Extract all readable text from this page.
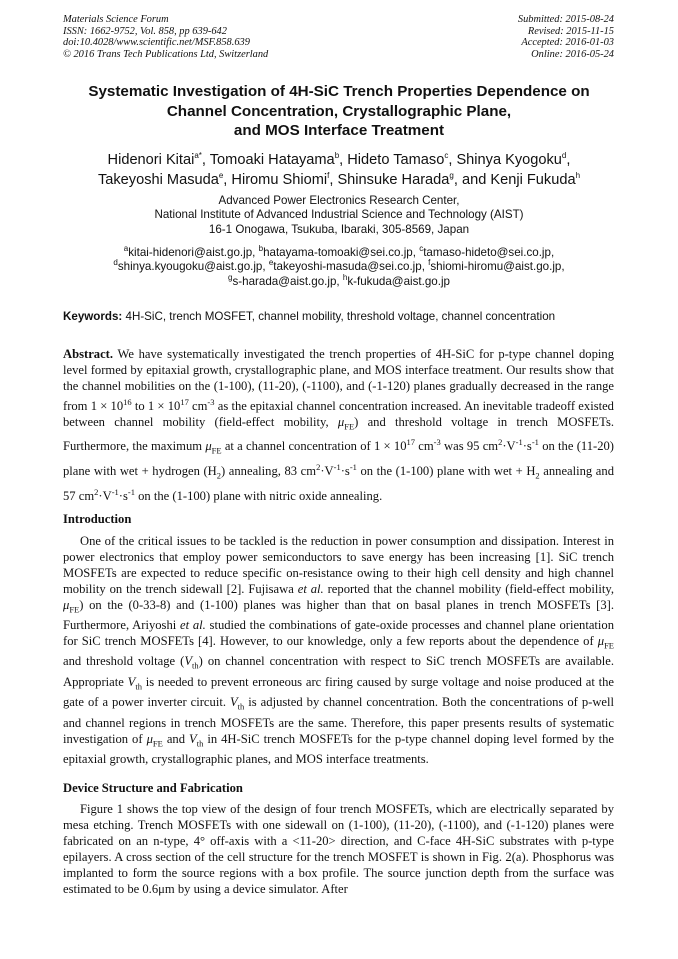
Materials Science Forum
ISSN: 1662-9752, Vol. 858, pp 639-642
doi:10.4028/www.scientific.net/MSF.858.639
© 2016 Trans Tech Publications Ltd, Switzerland
Submitted: 2015-08-24
Revised: 2015-11-15
Accepted: 2016-01-03
Online: 2016-05-24
Systematic Investigation of 4H-SiC Trench Properties Dependence on
Channel Concentration, Crystallographic Plane,
and MOS Interface Treatment
Hidenori Kitai$^{a*}$, Tomoaki Hatayama$^b$, Hideto Tamaso$^c$, Shinya Kyogoku$^d$,
Takeyoshi Masuda$^e$, Hiromu Shiomi$^f$, Shinsuke Harada$^g$, and Kenji Fukuda$^h$
Advanced Power Electronics Research Center,
National Institute of Advanced Industrial Science and Technology (AIST)
16-1 Onogawa, Tsukuba, Ibaraki, 305-8569, Japan
$^a$kitai-hidenori@aist.go.jp, $^b$hatayama-tomoaki@sei.co.jp, $^c$tamaso-hideto@sei.co.jp,
$^d$shinya.kyougoku@aist.go.jp, $^e$takeyoshi-masuda@sei.co.jp, $^f$shiomi-hiromu@aist.go.jp,
$^g$s-harada@aist.go.jp, $^h$k-fukuda@aist.go.jp
Keywords: 4H-SiC, trench MOSFET, channel mobility, threshold voltage, channel concentration
Abstract. We have systematically investigated the trench properties of 4H-SiC for p-type channel doping level formed by epitaxial growth, crystallographic plane, and MOS interface treatment. Our results show that the channel mobilities on the (1-100), (11-20), (-1100), and (-1-120) planes gradually decreased in the range from $1 \times 10^{16}$ to $1 \times 10^{17}$ $cm^{-3}$ as the epitaxial channel concentration increased. An inevitable tradeoff existed between channel mobility (field-effect mobility, $\mu_{FE}$) and threshold voltage in trench MOSFETs. Furthermore, the maximum $\mu_{FE}$ at a channel concentration of $1 \times 10^{17}$ $cm^{-3}$ was 95 $cm^2\cdot V^{-1}\cdot s^{-1}$ on the (11-20) plane with wet + hydrogen $(H_2)$ annealing, 83 $cm^2\cdot V^{-1}\cdot s^{-1}$ on the (1-100) plane with wet + $H_2$ annealing and 57 $cm^2\cdot V^{-1}\cdot s^{-1}$ on the (1-100) plane with nitric oxide annealing.
Introduction
One of the critical issues to be tackled is the reduction in power consumption and dissipation. Interest in power electronics that employ power semiconductors to save energy has been increasing [1]. SiC trench MOSFETs are expected to reduce specific on-resistance owing to their high cell density and high channel mobility on the trench sidewall [2]. Fujisawa et al. reported that the channel mobility (field-effect mobility, $\mu_{FE}$) on the (0-33-8) and (1-100) planes was higher than that on basal planes in trench MOSFETs [3]. Furthermore, Ariyoshi et al. studied the combinations of gate-oxide processes and channel plane orientation for SiC trench MOSFETs [4]. However, to our knowledge, only a few reports about the dependence of $\mu_{FE}$ and threshold voltage $(V_{th})$ on channel concentration with respect to SiC trench MOSFETs are available. Appropriate $V_{th}$ is needed to prevent erroneous arc firing caused by surge voltage and noise produced at the gate of a power inverter circuit. $V_{th}$ is adjusted by channel concentration. Both the concentrations of p-well and channel regions in trench MOSFETs are the same. Therefore, this paper presents results of systematic investigation of $\mu_{FE}$ and $V_{th}$ in 4H-SiC trench MOSFETs for the p-type channel doping level formed by the epitaxial growth, crystallographic planes, and MOS interface treatments.
Device Structure and Fabrication
Figure 1 shows the top view of the design of four trench MOSFETs, which are electrically separated by mesa etching. Trench MOSFETs with one sidewall on (1-100), (11-20), (-1100), and (-1-120) planes were fabricated on an n-type, 4° off-axis with a <11-20> direction, and C-face 4H-SiC substrates with p-type epilayers. A cross section of the cell structure for the trench MOSFET is shown in Fig. 2(a). Phosphorus was implanted to form the source regions with a box profile. The source junction depth from the surface was estimated to be 0.6μm by using a device simulator. After
